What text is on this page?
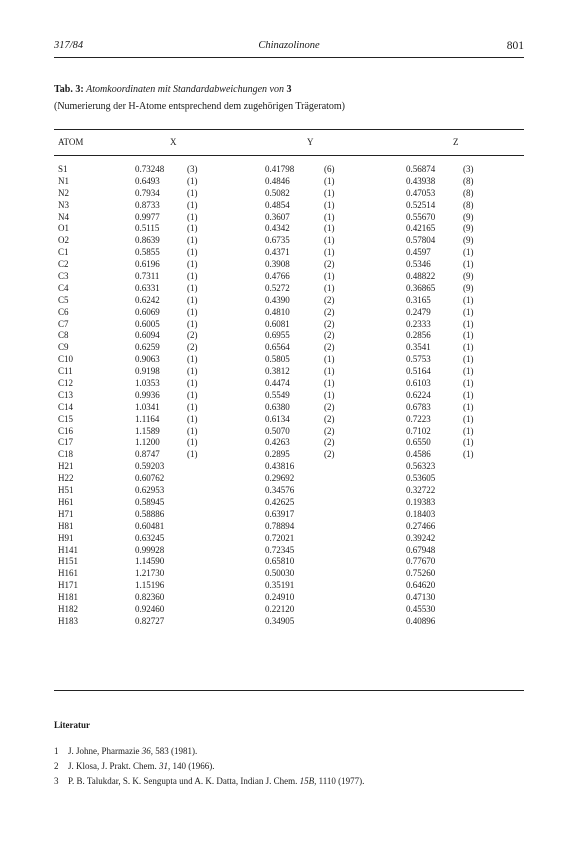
317/84	Chinazolinone	801
Tab. 3: Atomkoordinaten mit Standardabweichungen von 3
(Numerierung der H-Atome entsprechend dem zugehörigen Trägeratom)
ATOM	X	Y	Z
S1	0.73248	(3)	0.41798	(6)	0.56874	(3)
N1	0.6493	(1)	0.4846	(1)	0.43938	(8)
N2	0.7934	(1)	0.5082	(1)	0.47053	(8)
N3	0.8733	(1)	0.4854	(1)	0.52514	(8)
N4	0.9977	(1)	0.3607	(1)	0.55670	(9)
O1	0.5115	(1)	0.4342	(1)	0.42165	(9)
O2	0.8639	(1)	0.6735	(1)	0.57804	(9)
C1	0.5855	(1)	0.4371	(1)	0.4597	(1)
C2	0.6196	(1)	0.3908	(2)	0.5346	(1)
C3	0.7311	(1)	0.4766	(1)	0.48822	(9)
C4	0.6331	(1)	0.5272	(1)	0.36865	(9)
C5	0.6242	(1)	0.4390	(2)	0.3165	(1)
C6	0.6069	(1)	0.4810	(2)	0.2479	(1)
C7	0.6005	(1)	0.6081	(2)	0.2333	(1)
C8	0.6094	(2)	0.6955	(2)	0.2856	(1)
C9	0.6259	(2)	0.6564	(2)	0.3541	(1)
C10	0.9063	(1)	0.5805	(1)	0.5753	(1)
C11	0.9198	(1)	0.3812	(1)	0.5164	(1)
C12	1.0353	(1)	0.4474	(1)	0.6103	(1)
C13	0.9936	(1)	0.5549	(1)	0.6224	(1)
C14	1.0341	(1)	0.6380	(2)	0.6783	(1)
C15	1.1164	(1)	0.6134	(2)	0.7223	(1)
C16	1.1589	(1)	0.5070	(2)	0.7102	(1)
C17	1.1200	(1)	0.4263	(2)	0.6550	(1)
C18	0.8747	(1)	0.2895	(2)	0.4586	(1)
H21	0.59203	0.43816	0.56323
H22	0.60762	0.29692	0.53605
H51	0.62953	0.34576	0.32722
H61	0.58945	0.42625	0.19383
H71	0.58886	0.63917	0.18403
H81	0.60481	0.78894	0.27466
H91	0.63245	0.72021	0.39242
H141	0.99928	0.72345	0.67948
H151	1.14590	0.65810	0.77670
H161	1.21730	0.50030	0.75260
H171	1.15196	0.35191	0.64620
H181	0.82360	0.24910	0.47130
H182	0.92460	0.22120	0.45530
H183	0.82727	0.34905	0.40896
Literatur
1 J. Johne, Pharmazie 36, 583 (1981).
2 J. Klosa, J. Prakt. Chem. 31, 140 (1966).
3 P. B. Talukdar, S. K. Sengupta und A. K. Datta, Indian J. Chem. 15B, 1110 (1977).
